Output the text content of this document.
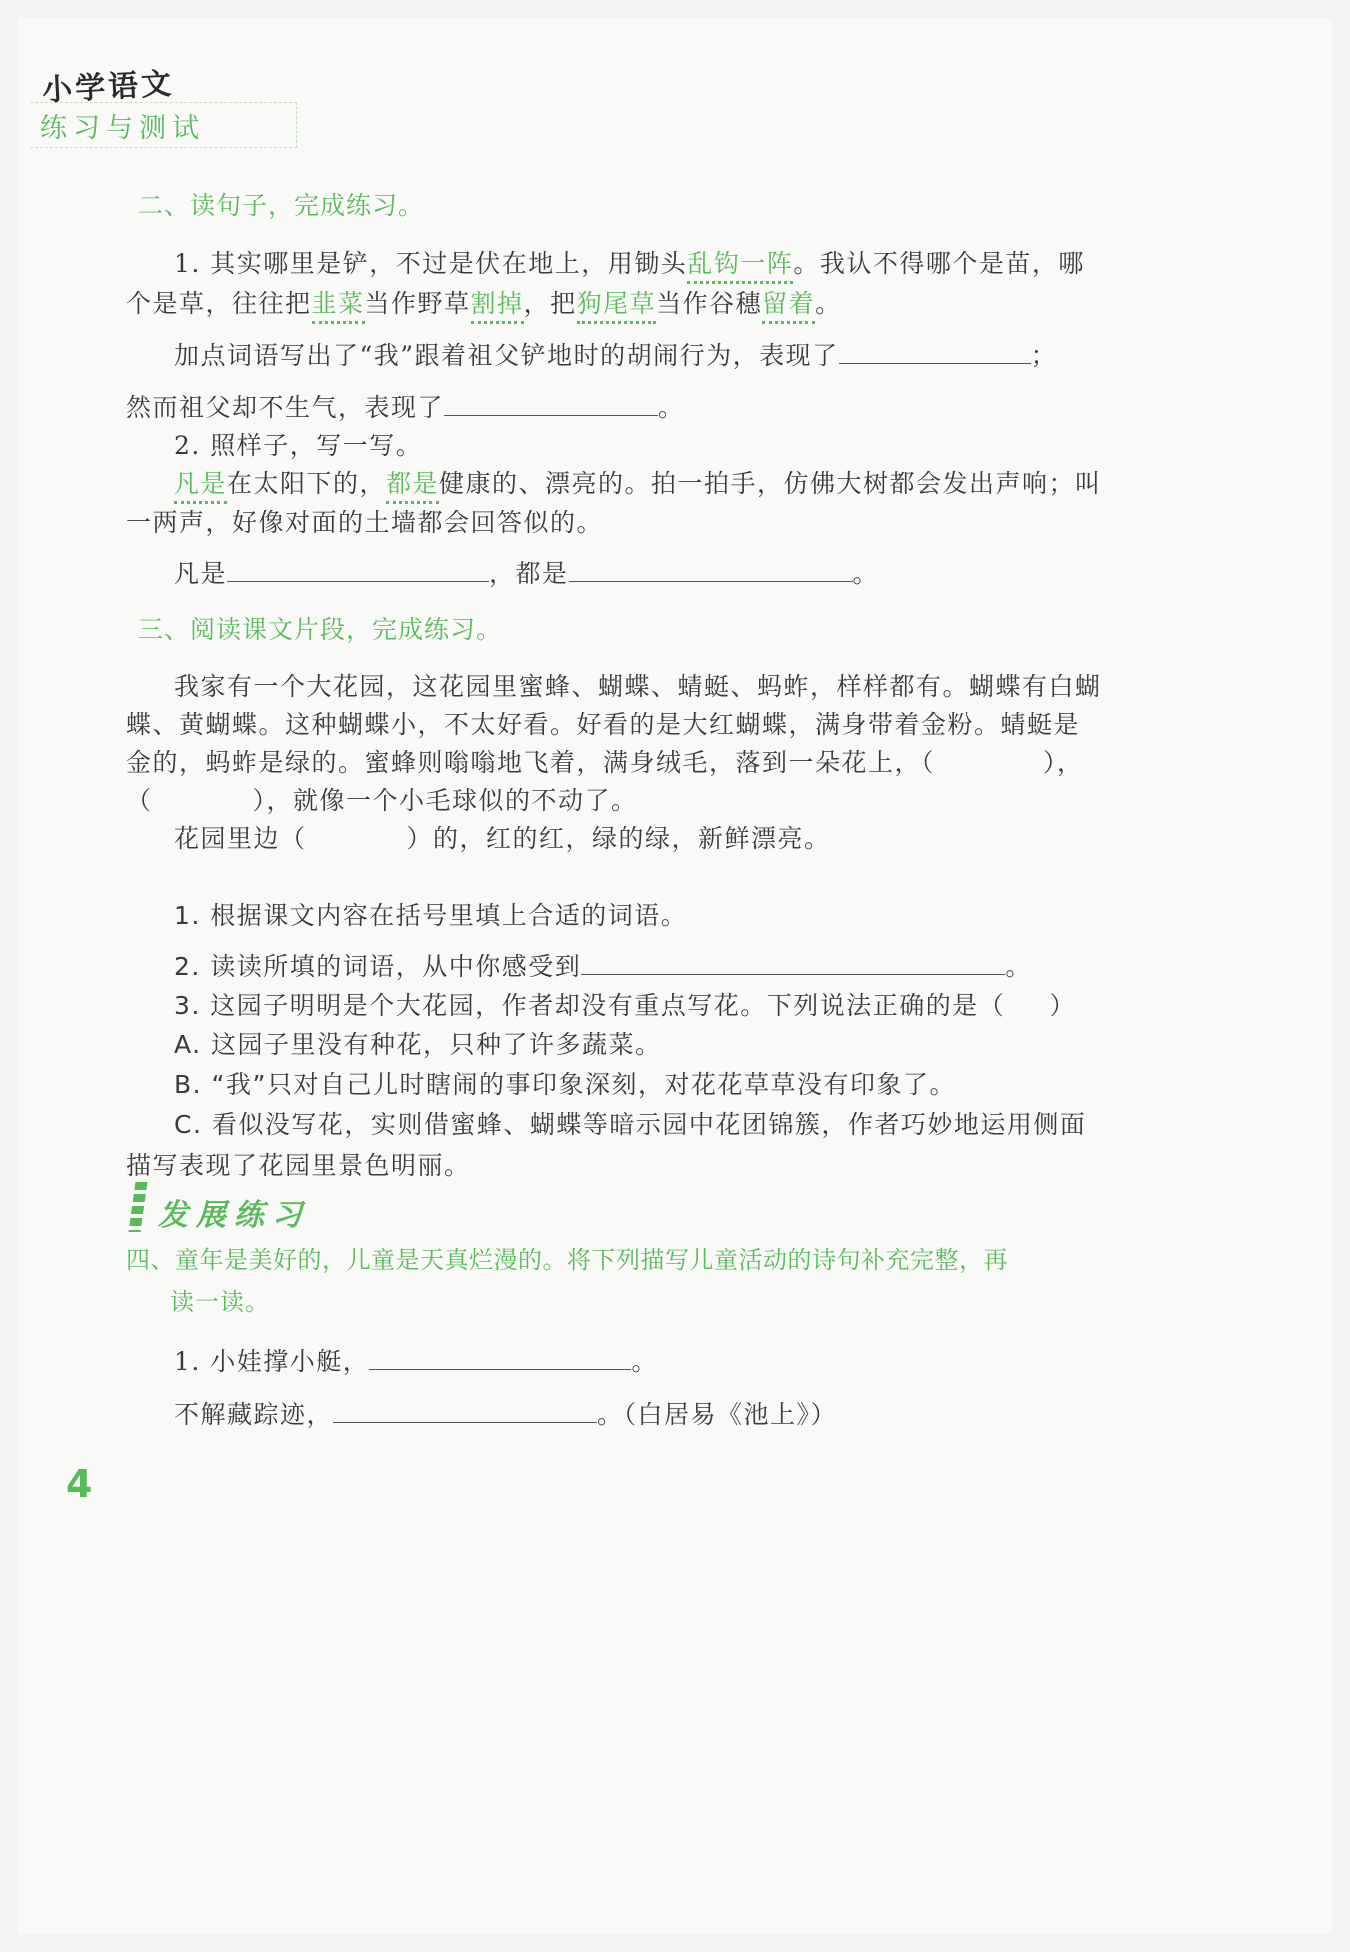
小学语文
练习与测试
二、读句子，完成练习。
1. 其实哪里是铲，不过是伏在地上，用锄头乱钩一阵。我认不得哪个是苗，哪
个是草，往往把韭菜当作野草割掉，把狗尾草当作谷穗留着。
加点词语写出了“我”跟着祖父铲地时的胡闹行为，表现了	；
然而祖父却不生气，表现了	。
2. 照样子，写一写。
凡是在太阳下的，都是健康的、漂亮的。拍一拍手，仿佛大树都会发出声响；叫
一两声，好像对面的土墙都会回答似的。
凡是	，都是	。
三、阅读课文片段，完成练习。
我家有一个大花园，这花园里蜜蜂、蝴蝶、蜻蜓、蚂蚱，样样都有。蝴蝶有白蝴
蝶、黄蝴蝶。这种蝴蝶小，不太好看。好看的是大红蝴蝶，满身带着金粉。蜻蜓是
金的，蚂蚱是绿的。蜜蜂则嗡嗡地飞着，满身绒毛，落到一朵花上，（	），
（	），就像一个小毛球似的不动了。
花园里边（	）的，红的红，绿的绿，新鲜漂亮。
1. 根据课文内容在括号里填上合适的词语。
2. 读读所填的词语，从中你感受到	。
3. 这园子明明是个大花园，作者却没有重点写花。下列说法正确的是（ ）
A. 这园子里没有种花，只种了许多蔬菜。
B. “我”只对自己儿时瞎闹的事印象深刻，对花花草草没有印象了。
C. 看似没写花，实则借蜜蜂、蝴蝶等暗示园中花团锦簇，作者巧妙地运用侧面
描写表现了花园里景色明丽。
发展练习
四、童年是美好的，儿童是天真烂漫的。将下列描写儿童活动的诗句补充完整，再
读一读。
1. 小娃撑小艇，	。
不解藏踪迹，	。（白居易《池上》）
4
